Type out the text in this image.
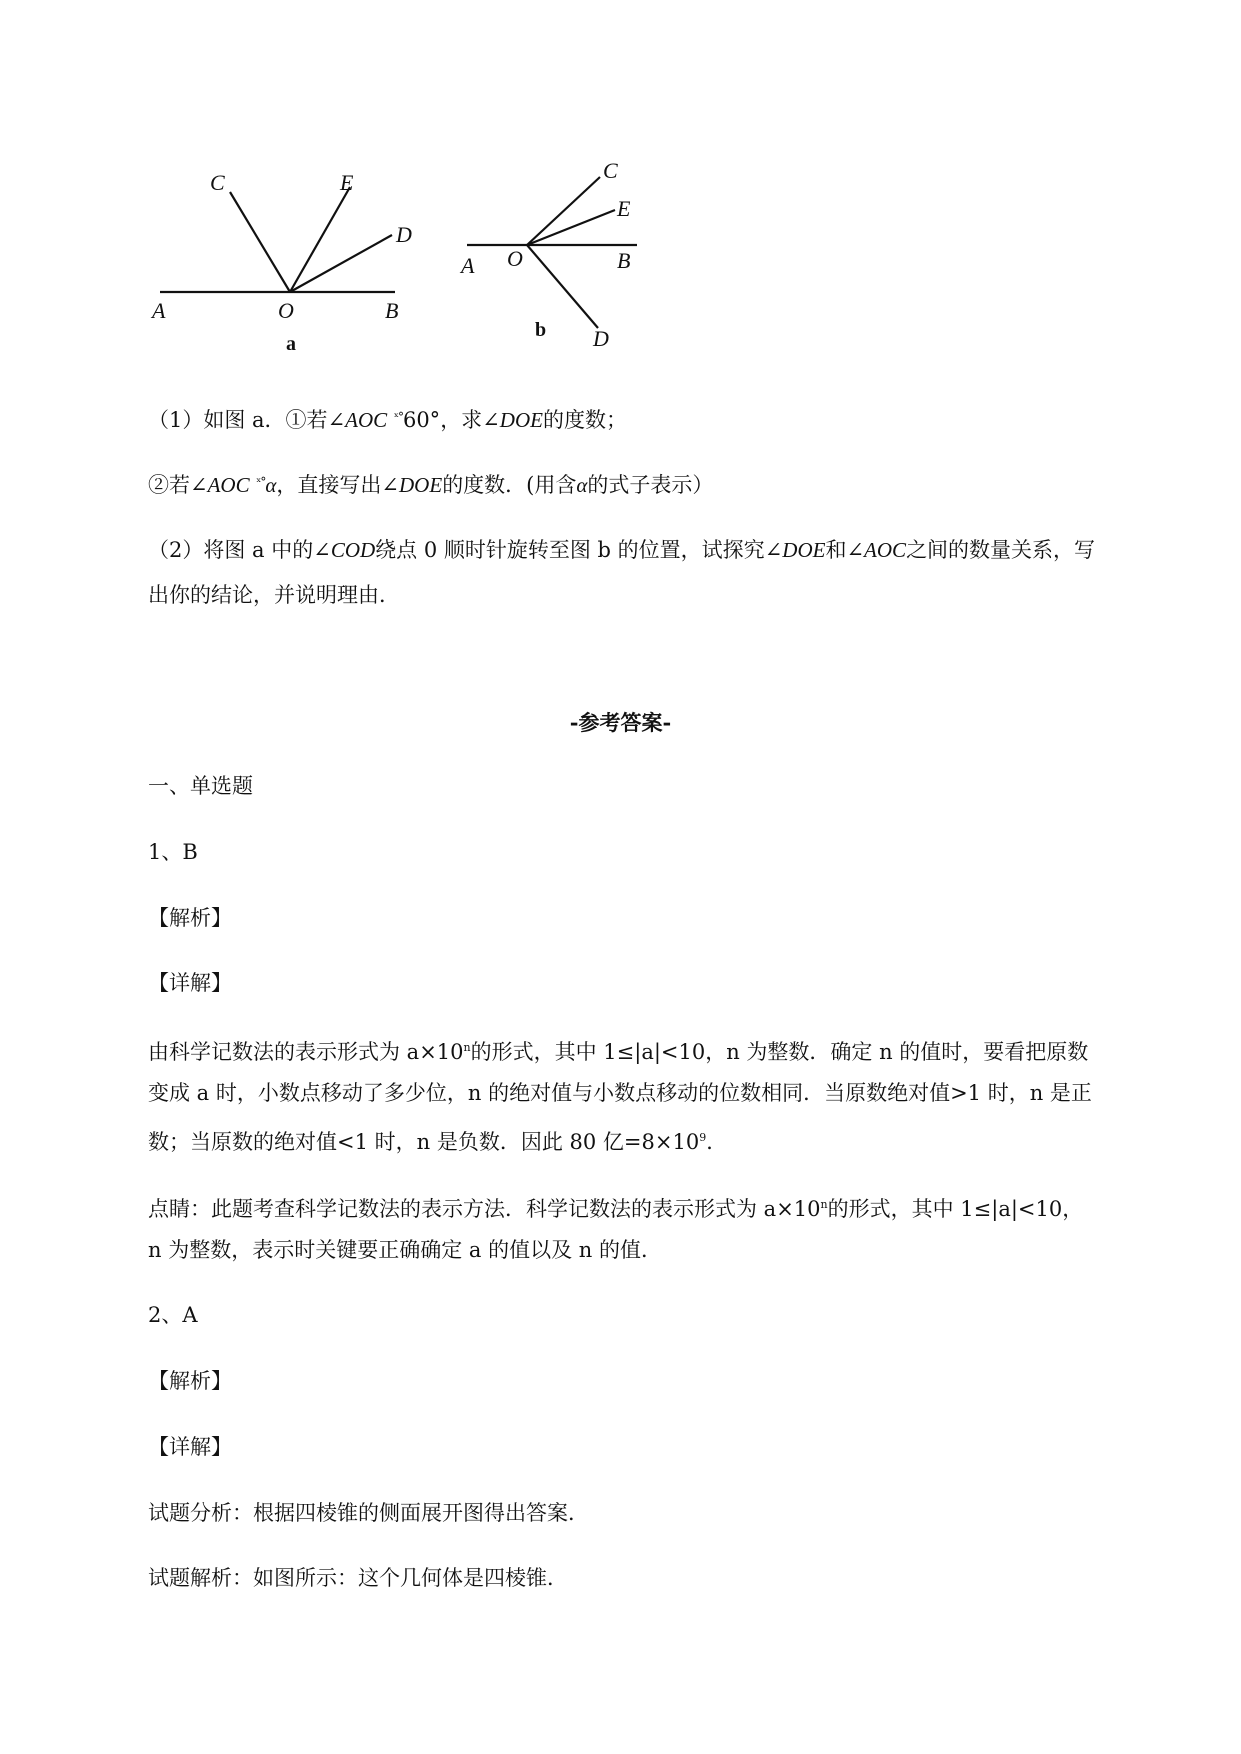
C	E
D
A	O	B
a
C
E
A O	B
D
b

（1）如图 a．①若∠AOC $^{ˣ^\circ}$60°，求∠DOE的度数；

②若∠AOC $^{ˣ^\circ}$α，直接写出∠DOE的度数．(用含α的式子表示）

（2）将图 a 中的∠COD绕点 0 顺时针旋转至图 b 的位置，试探究∠DOE和∠AOC之间的数量关系，写

出你的结论，并说明理由．

-参考答案-

一、单选题

1、B

【解析】

【详解】

由科学记数法的表示形式为 $a\times 10^n$的形式，其中 1≤|a|<10，n 为整数．确定 n 的值时，要看把原数

变成 a 时，小数点移动了多少位，n 的绝对值与小数点移动的位数相同．当原数绝对值>1 时，n 是正

数；当原数的绝对值<1 时，n 是负数．因此 80 亿$=8\times 10^9$．

点睛：此题考查科学记数法的表示方法．科学记数法的表示形式为 $a\times 10^n$的形式，其中 1≤|a|<10，

n 为整数，表示时关键要正确确定 a 的值以及 n 的值．

2、A

【解析】

【详解】

试题分析：根据四棱锥的侧面展开图得出答案．

试题解析：如图所示：这个几何体是四棱锥．
